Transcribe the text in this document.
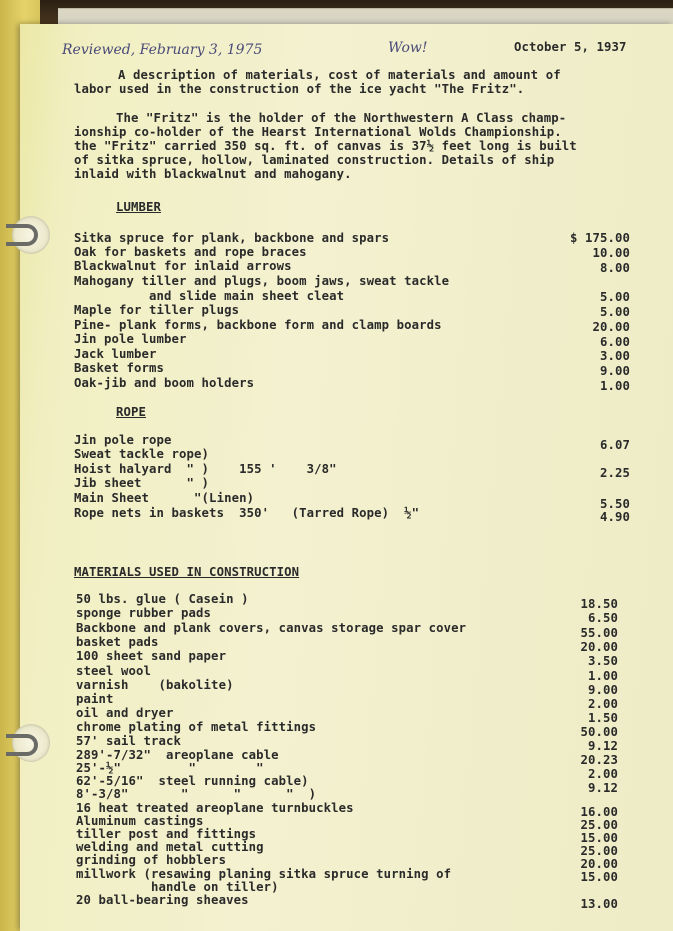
Reviewed, February 3, 1975	Wow!	October 5, 1937
A description of materials, cost of materials and amount of
labor used in the construction of the ice yacht "The Fritz".
The "Fritz" is the holder of the Northwestern A Class champ-
ionship co-holder of the Hearst International Wolds Championship.
the "Fritz" carried 350 sq. ft. of canvas is 37½ feet long is built
of sitka spruce, hollow, laminated construction. Details of ship
inlaid with blackwalnut and mahogany.
LUMBER
Sitka spruce for plank, backbone and spars	$ 175.00
Oak for baskets and rope braces	10.00
Blackwalnut for inlaid arrows	8.00
Mahogany tiller and plugs, boom jaws, sweat tackle
and slide main sheet cleat	5.00
Maple for tiller plugs	5.00
Pine- plank forms, backbone form and clamp boards	20.00
Jin pole lumber	6.00
Jack lumber	3.00
Basket forms	9.00
Oak-jib and boom holders	1.00
ROPE
Jin pole rope	6.07
Sweat tackle rope)
Hoist halyard  " )    155 '    3/8"	2.25
Jib sheet      " )
Main Sheet      "(Linen)	5.50
Rope nets in baskets  350'   (Tarred Rope)  ½"	4.90
MATERIALS USED IN CONSTRUCTION
50 lbs. glue ( Casein )	18.50
sponge rubber pads	6.50
Backbone and plank covers, canvas storage spar cover	55.00
basket pads	20.00
100 sheet sand paper	3.50
steel wool	1.00
varnish    (bakolite)	9.00
paint	2.00
oil and dryer	1.50
chrome plating of metal fittings	50.00
57' sail track	9.12
289'-7/32"  areoplane cable	20.23
25'-½"         "        "	2.00
62'-5/16"  steel running cable)	9.12
8'-3/8"       "      "      "  )
16 heat treated areoplane turnbuckles	16.00
Aluminum castings	25.00
tiller post and fittings	15.00
welding and metal cutting	25.00
grinding of hobblers	20.00
millwork (resawing planing sitka spruce turning of	15.00
handle on tiller)
20 ball-bearing sheaves	13.00
